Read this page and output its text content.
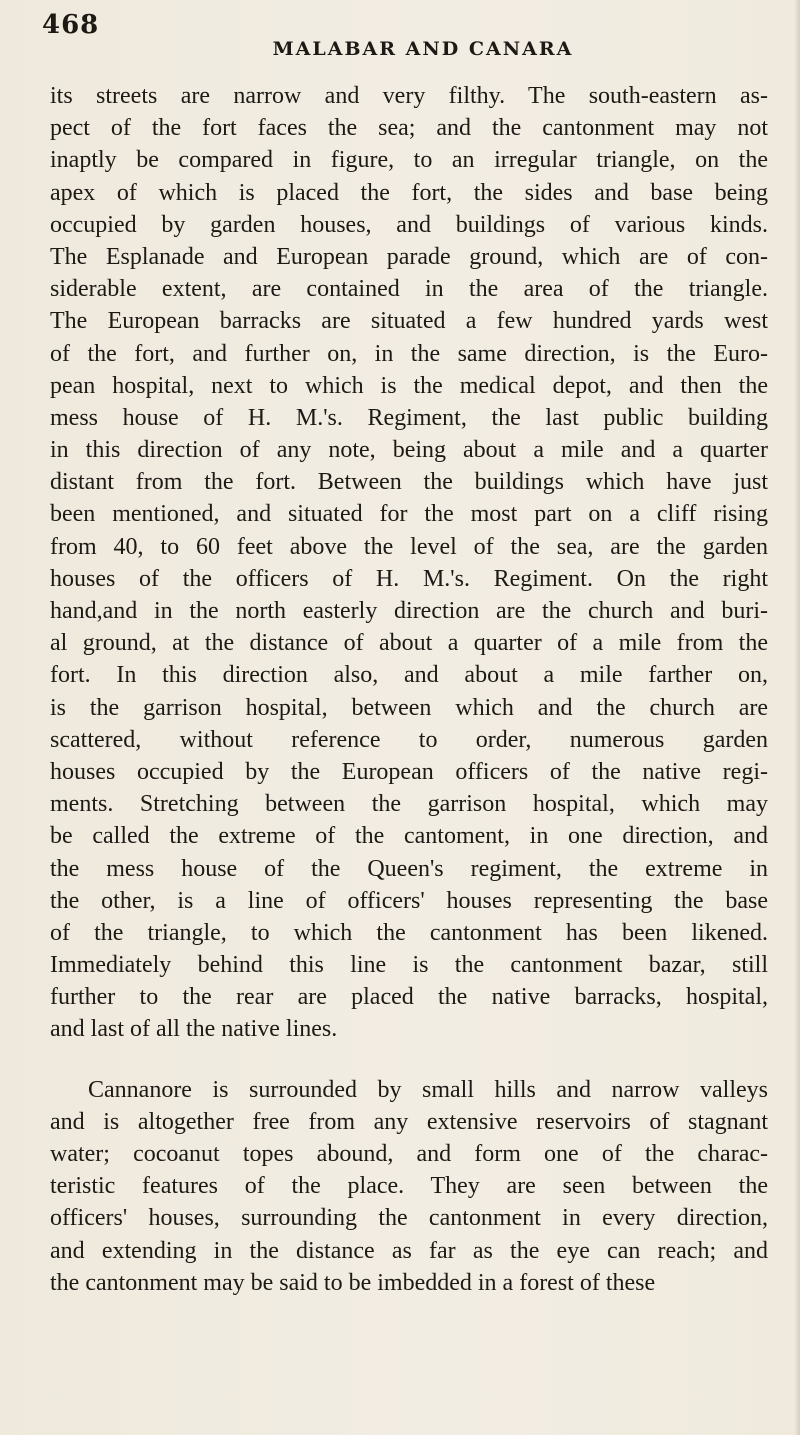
468
MALABAR AND CANARA
its streets are narrow and very filthy. The south-eastern as-
pect of the fort faces the sea; and the cantonment may not
inaptly be compared in figure, to an irregular triangle, on the
apex of which is placed the fort, the sides and base being
occupied by garden houses, and buildings of various kinds.
The Esplanade and European parade ground, which are of con-
siderable extent, are contained in the area of the triangle.
The European barracks are situated a few hundred yards west
of the fort, and further on, in the same direction, is the Euro-
pean hospital, next to which is the medical depot, and then the
mess house of H. M.'s. Regiment, the last public building
in this direction of any note, being about a mile and a quarter
distant from the fort. Between the buildings which have just
been mentioned, and situated for the most part on a cliff rising
from 40, to 60 feet above the level of the sea, are the garden
houses of the officers of H. M.'s. Regiment. On the right
hand,and in the north easterly direction are the church and buri-
al ground, at the distance of about a quarter of a mile from the
fort. In this direction also, and about a mile farther on,
is the garrison hospital, between which and the church are
scattered, without reference to order, numerous garden
houses occupied by the European officers of the native regi-
ments. Stretching between the garrison hospital, which may
be called the extreme of the cantoment, in one direction, and
the mess house of the Queen's regiment, the extreme in
the other, is a line of officers' houses representing the base
of the triangle, to which the cantonment has been likened.
Immediately behind this line is the cantonment bazar, still
further to the rear are placed the native barracks, hospital,
and last of all the native lines.
Cannanore is surrounded by small hills and narrow valleys
and is altogether free from any extensive reservoirs of stagnant
water; cocoanut topes abound, and form one of the charac-
teristic features of the place. They are seen between the
officers' houses, surrounding the cantonment in every direction,
and extending in the distance as far as the eye can reach; and
the cantonment may be said to be imbedded in a forest of these
